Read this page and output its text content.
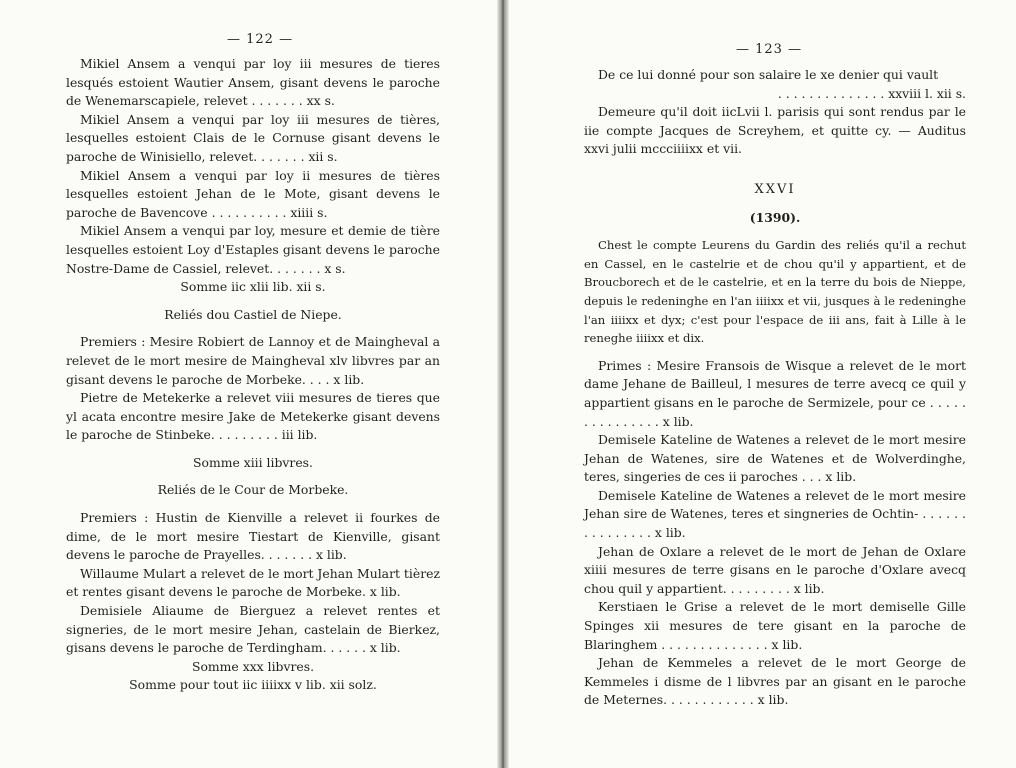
— 122 —

Mikiel Ansem a venqui par loy iii mesures de tieres lesqués estoient Wautier Ansem, gisant devens le paroche de Wenemarscapiele, relevet . . . . . . . xx s.

Mikiel Ansem a venqui par loy iii mesures de tières, lesquelles estoient Clais de le Cornuse gisant devens le paroche de Winisiello, relevet. . . . . . . xii s.

Mikiel Ansem a venqui par loy ii mesures de tières lesquelles estoient Jehan de le Mote, gisant devens le paroche de Bavencove . . . . . . . . . . xiiii s.

Mikiel Ansem a venqui par loy, mesure et demie de tière lesquelles estoient Loy d'Estaples gisant devens le paroche Nostre-Dame de Cassiel, relevet. . . . . . . x s.

Somme iic xlii lib. xii s.

Reliés dou Castiel de Niepe.

Premiers : Mesire Robiert de Lannoy et de Maingheval a relevet de le mort mesire de Maingheval xlv libvres par an gisant devens le paroche de Morbeke. . . . x lib.

Pietre de Metekerke a relevet viii mesures de tieres que yl acata encontre mesire Jake de Metekerke gisant devens le paroche de Stinbeke. . . . . . . . . iii lib.

Somme xiii libvres.

Reliés de le Cour de Morbeke.

Premiers : Hustin de Kienville a relevet ii fourkes de dime, de le mort mesire Tiestart de Kienville, gisant devens le paroche de Prayelles. . . . . . . x lib.

Willaume Mulart a relevet de le mort Jehan Mulart tièrez et rentes gisant devens le paroche de Morbeke. x lib.

Demisiele Aliaume de Bierguez a relevet rentes et signeries, de le mort mesire Jehan, castelain de Bierkez, gisans devens le paroche de Terdingham. . . . . . x lib.

Somme xxx libvres.

Somme pour tout iic iiiixx v lib. xii solz.

— 123 —

De ce lui donné pour son salaire le xe denier qui vault

. . . . . . . . . . . . . . xxviii l. xii s.

Demeure qu'il doit iicLvii l. parisis qui sont rendus par le iie compte Jacques de Screyhem, et quitte cy. — Auditus xxvi julii mccciiiixx et vii.

XXVI

(1390).

Chest le compte Leurens du Gardin des reliés qu'il a rechut en Cassel, en le castelrie et de chou qu'il y appartient, et de Broucborech et de le castelrie, et en la terre du bois de Nieppe, depuis le redeninghe en l'an iiiixx et vii, jusques à le redeninghe l'an iiiixx et dyx; c'est pour l'espace de iii ans, fait à Lille à le reneghe iiiixx et dix.

Primes : Mesire Fransois de Wisque a relevet de le mort dame Jehane de Bailleul, l mesures de terre avecq ce quil y appartient gisans en le paroche de Sermizele, pour ce . . . . . . . . . . . . . . . x lib.

Demisele Kateline de Watenes a relevet de le mort mesire Jehan de Watenes, sire de Watenes et de Wolverdinghe, teres, singeries de ces ii paroches . . . x lib.

Demisele Kateline de Watenes a relevet de le mort mesire Jehan sire de Watenes, teres et singneries de Ochtin- . . . . . . . . . . . . . . . x lib.

Jehan de Oxlare a relevet de le mort de Jehan de Oxlare xiiii mesures de terre gisans en le paroche d'Oxlare avecq chou quil y appartient. . . . . . . . . x lib.

Kerstiaen le Grise a relevet de le mort demiselle Gille Spinges xii mesures de tere gisant en la paroche de Blaringhem . . . . . . . . . . . . . . x lib.

Jehan de Kemmeles a relevet de le mort George de Kemmeles i disme de l libvres par an gisant en le paroche de Meternes. . . . . . . . . . . . x lib.
